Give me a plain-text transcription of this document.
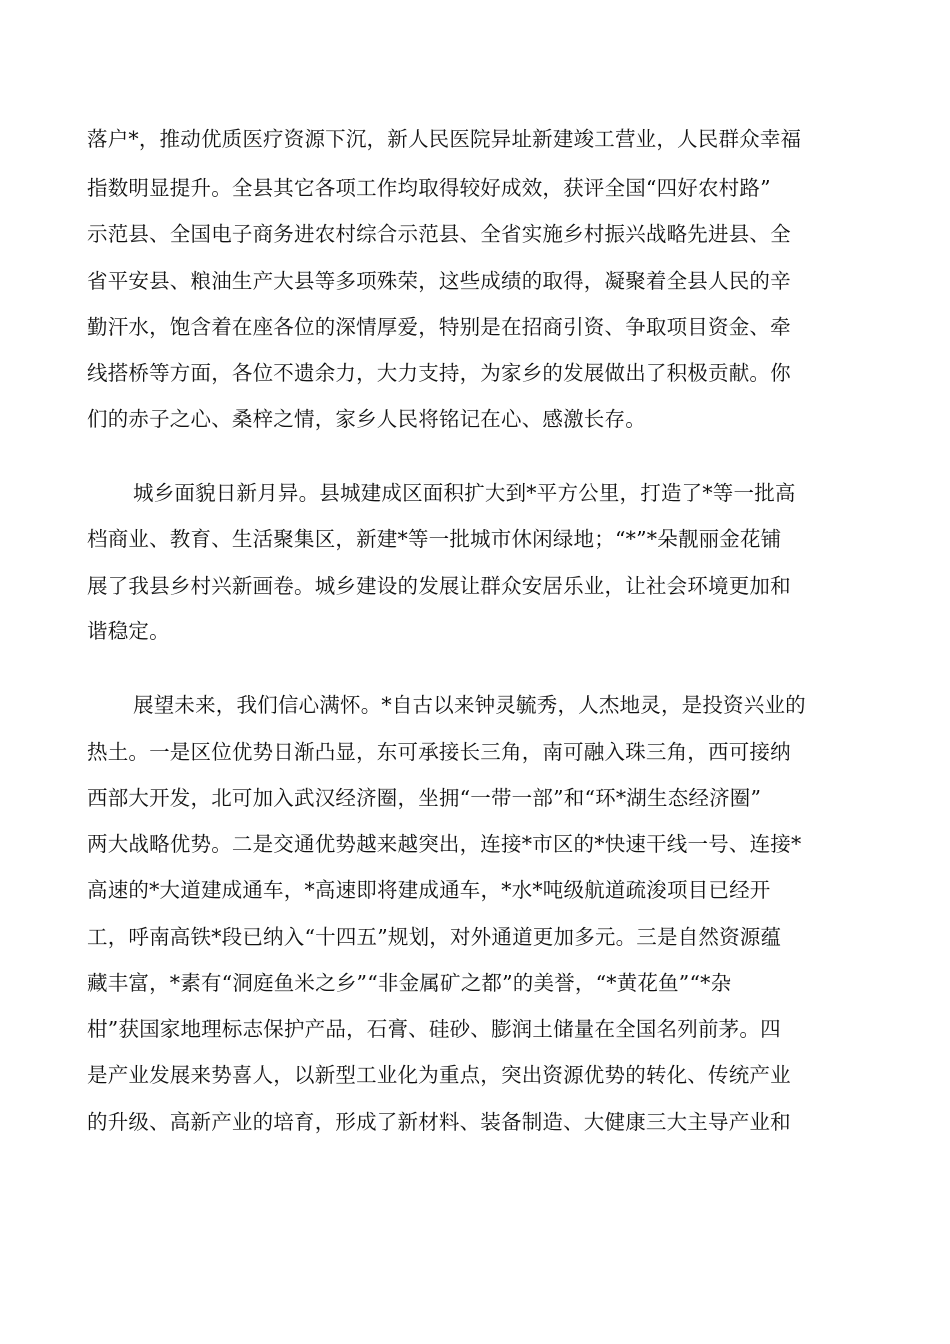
落户*，推动优质医疗资源下沉，新人民医院异址新建竣工营业，人民群众幸福
指数明显提升。全县其它各项工作均取得较好成效，获评全国“四好农村路”
示范县、全国电子商务进农村综合示范县、全省实施乡村振兴战略先进县、全
省平安县、粮油生产大县等多项殊荣，这些成绩的取得，凝聚着全县人民的辛
勤汗水，饱含着在座各位的深情厚爱，特别是在招商引资、争取项目资金、牵
线搭桥等方面，各位不遗余力，大力支持，为家乡的发展做出了积极贡献。你
们的赤子之心、桑梓之情，家乡人民将铭记在心、感激长存。
城乡面貌日新月异。县城建成区面积扩大到*平方公里，打造了*等一批高
档商业、教育、生活聚集区，新建*等一批城市休闲绿地；“*”*朵靓丽金花铺
展了我县乡村兴新画卷。城乡建设的发展让群众安居乐业，让社会环境更加和
谐稳定。
展望未来，我们信心满怀。*自古以来钟灵毓秀，人杰地灵，是投资兴业的
热土。一是区位优势日渐凸显，东可承接长三角，南可融入珠三角，西可接纳
西部大开发，北可加入武汉经济圈，坐拥“一带一部”和“环*湖生态经济圈”
两大战略优势。二是交通优势越来越突出，连接*市区的*快速干线一号、连接*
高速的*大道建成通车，*高速即将建成通车，*水*吨级航道疏浚项目已经开
工，呼南高铁*段已纳入“十四五”规划，对外通道更加多元。三是自然资源蕴
藏丰富，*素有“洞庭鱼米之乡”“非金属矿之都”的美誉，“*黄花鱼”“*杂
柑”获国家地理标志保护产品，石膏、硅砂、膨润土储量在全国名列前茅。四
是产业发展来势喜人，以新型工业化为重点，突出资源优势的转化、传统产业
的升级、高新产业的培育，形成了新材料、装备制造、大健康三大主导产业和
